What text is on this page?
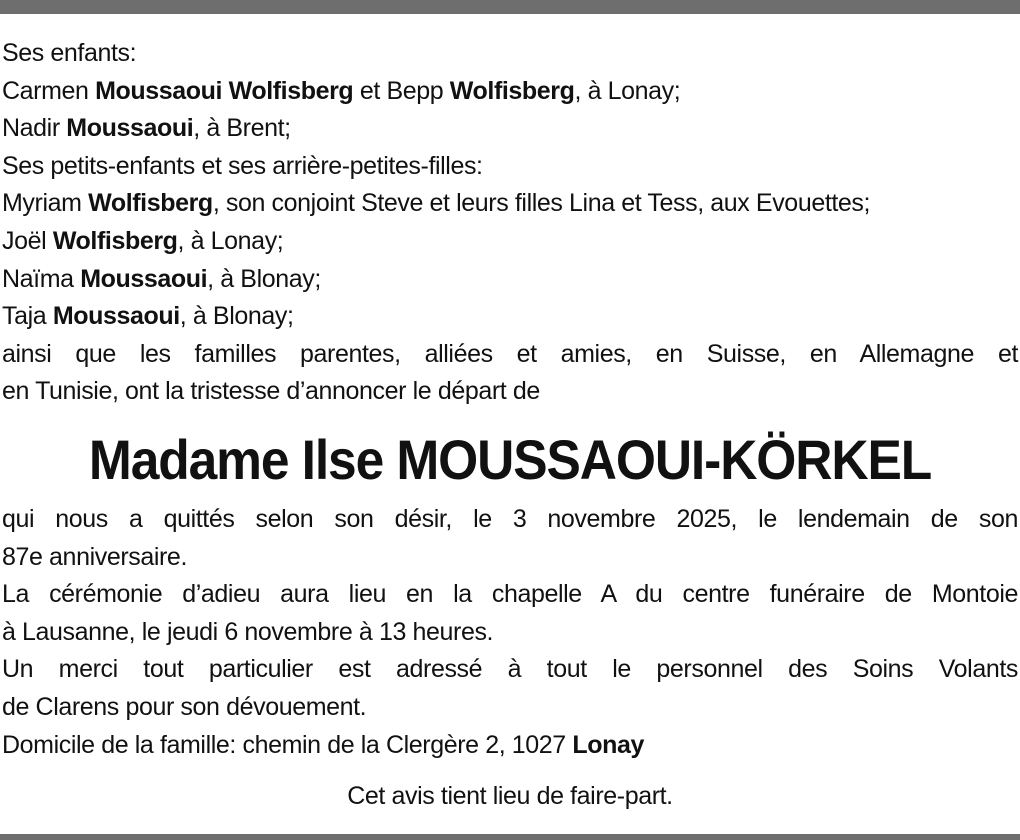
Ses enfants:
Carmen Moussaoui Wolfisberg et Bepp Wolfisberg, à Lonay;
Nadir Moussaoui, à Brent;
Ses petits-enfants et ses arrière-petites-filles:
Myriam Wolfisberg, son conjoint Steve et leurs filles Lina et Tess, aux Evouettes;
Joël Wolfisberg, à Lonay;
Naïma Moussaoui, à Blonay;
Taja Moussaoui, à Blonay;
ainsi que les familles parentes, alliées et amies, en Suisse, en Allemagne et
en Tunisie, ont la tristesse d’annoncer le départ de
Madame Ilse MOUSSAOUI-KÖRKEL
qui nous a quittés selon son désir, le 3 novembre 2025, le lendemain de son
87e anniversaire.
La cérémonie d’adieu aura lieu en la chapelle A du centre funéraire de Montoie
à Lausanne, le jeudi 6 novembre à 13 heures.
Un merci tout particulier est adressé à tout le personnel des Soins Volants
de Clarens pour son dévouement.
Domicile de la famille: chemin de la Clergère 2, 1027 Lonay
Cet avis tient lieu de faire-part.
